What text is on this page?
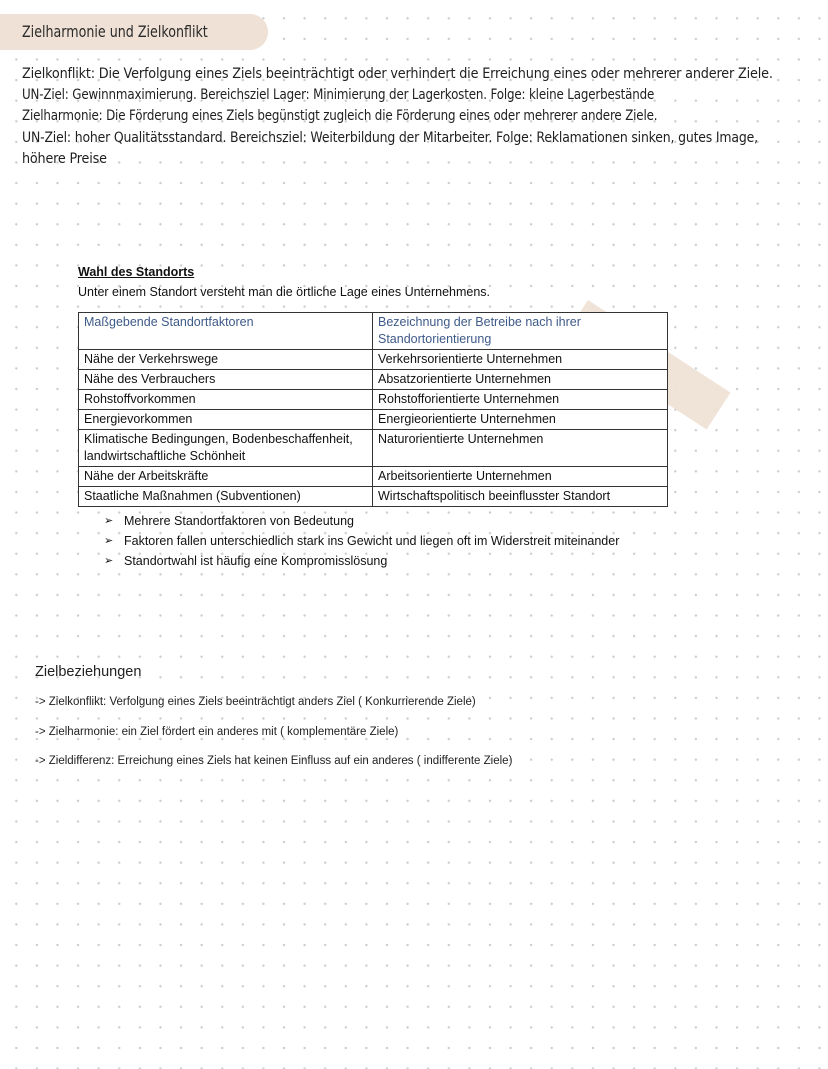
Zielharmonie und Zielkonflikt
Zielkonflikt: Die Verfolgung eines Ziels beeinträchtigt oder verhindert die Erreichung eines oder mehrerer anderer Ziele.
UN-Ziel: Gewinnmaximierung. Bereichsziel Lager: Minimierung der Lagerkosten. Folge: kleine Lagerbestände
Zielharmonie: Die Förderung eines Ziels begünstigt zugleich die Förderung eines oder mehrerer andere Ziele.
UN-Ziel: hoher Qualitätsstandard. Bereichsziel: Weiterbildung der Mitarbeiter. Folge: Reklamationen sinken, gutes Image,
höhere Preise
Wahl des Standorts
Unter einem Standort versteht man die örtliche Lage eines Unternehmens.
Maßgebende Standortfaktoren	Bezeichnung der Betreibe nach ihrer Standortorientierung
Nähe der Verkehrswege	Verkehrsorientierte Unternehmen
Nähe des Verbrauchers	Absatzorientierte Unternehmen
Rohstoffvorkommen	Rohstofforientierte Unternehmen
Energievorkommen	Energieorientierte Unternehmen
Klimatische Bedingungen, Bodenbeschaffenheit, landwirtschaftliche Schönheit	Naturorientierte Unternehmen
Nähe der Arbeitskräfte	Arbeitsorientierte Unternehmen
Staatliche Maßnahmen (Subventionen)	Wirtschaftspolitisch beeinflusster Standort
➢ Mehrere Standortfaktoren von Bedeutung
➢ Faktoren fallen unterschiedlich stark ins Gewicht und liegen oft im Widerstreit miteinander
➢ Standortwahl ist häufig eine Kompromisslösung
Zielbeziehungen
-> Zielkonflikt: Verfolgung eines Ziels beeinträchtigt anders Ziel ( Konkurrierende Ziele)
-> Zielharmonie: ein Ziel fördert ein anderes mit ( komplementäre Ziele)
-> Zieldifferenz: Erreichung eines Ziels hat keinen Einfluss auf ein anderes ( indifferente Ziele)
